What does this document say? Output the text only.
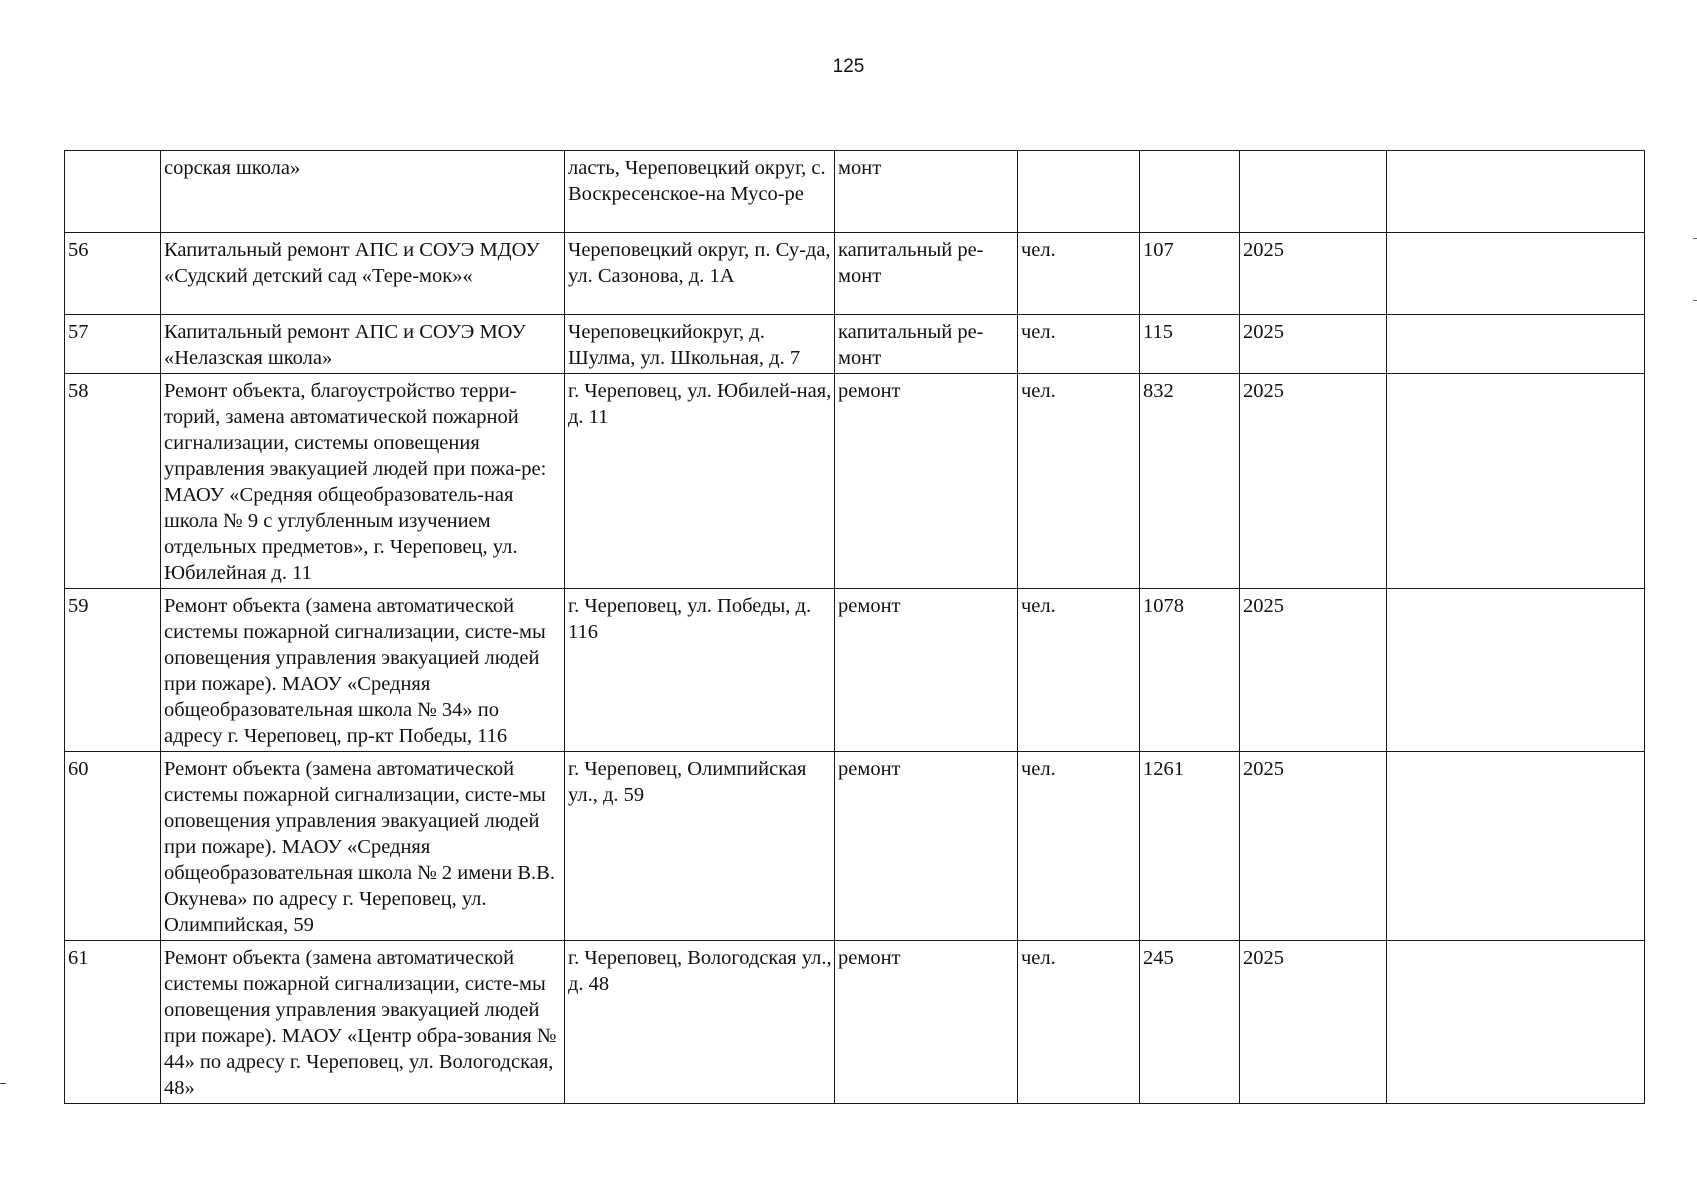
125
	сорская школа»	ласть, Череповецкий округ, с. Воскресенское-на Мусо-ре	монт				
56	Капитальный ремонт АПС и СОУЭ МДОУ «Судский детский сад «Тере-мок»«	Череповецкий округ, п. Су-да, ул. Сазонова, д. 1А	капитальный ре-монт	чел.	107	2025	
57	Капитальный ремонт АПС и СОУЭ МОУ «Нелазская школа»	Череповецкийокруг, д. Шулма, ул. Школьная, д. 7	капитальный ре-монт	чел.	115	2025	
58	Ремонт объекта, благоустройство терри-торий, замена автоматической пожарной сигнализации, системы оповещения управления эвакуацией людей при пожа-ре: МАОУ «Средняя общеобразователь-ная школа № 9 с углубленным изучением отдельных предметов», г. Череповец, ул. Юбилейная д. 11	г. Череповец, ул. Юбилей-ная, д. 11	ремонт	чел.	832	2025	
59	Ремонт объекта (замена автоматической системы пожарной сигнализации, систе-мы оповещения управления эвакуацией людей при пожаре). МАОУ «Средняя общеобразовательная школа № 34» по адресу г. Череповец, пр-кт Победы, 116	г. Череповец, ул. Победы, д. 116	ремонт	чел.	1078	2025	
60	Ремонт объекта (замена автоматической системы пожарной сигнализации, систе-мы оповещения управления эвакуацией людей при пожаре). МАОУ «Средняя общеобразовательная школа № 2 имени В.В. Окунева» по адресу г. Череповец, ул. Олимпийская, 59	г. Череповец, Олимпийская ул., д. 59	ремонт	чел.	1261	2025	
61	Ремонт объекта (замена автоматической системы пожарной сигнализации, систе-мы оповещения управления эвакуацией людей при пожаре). МАОУ «Центр обра-зования № 44» по адресу г. Череповец, ул. Вологодская, 48»	г. Череповец, Вологодская ул., д. 48	ремонт	чел.	245	2025	
